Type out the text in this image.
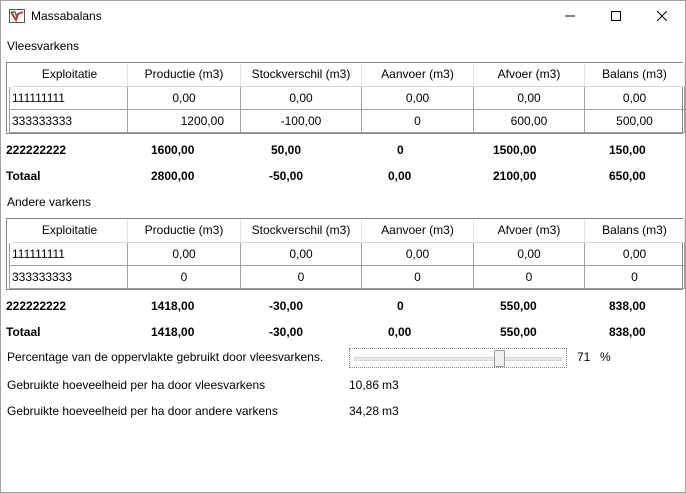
Massabalans
Vleesvarkens
Exploitatie	Productie (m3)	Stockverschil (m3)	Aanvoer (m3)	Afvoer (m3)	Balans (m3)
111111111	0,00	0,00	0,00	0,00	0,00
333333333	1200,00	-100,00	0	600,00	500,00
222222222	1600,00	50,00	0	1500,00	150,00
Totaal	2800,00	-50,00	0,00	2100,00	650,00
Andere varkens
Exploitatie	Productie (m3)	Stockverschil (m3)	Aanvoer (m3)	Afvoer (m3)	Balans (m3)
111111111	0,00	0,00	0,00	0,00	0,00
333333333	0	0	0	0	0
222222222	1418,00	-30,00	0	550,00	838,00
Totaal	1418,00	-30,00	0,00	550,00	838,00
Percentage van de oppervlakte gebruikt door vleesvarkens.	71 %
Gebruikte hoeveelheid per ha door vleesvarkens	10,86 m3
Gebruikte hoeveelheid per ha door andere varkens	34,28 m3
